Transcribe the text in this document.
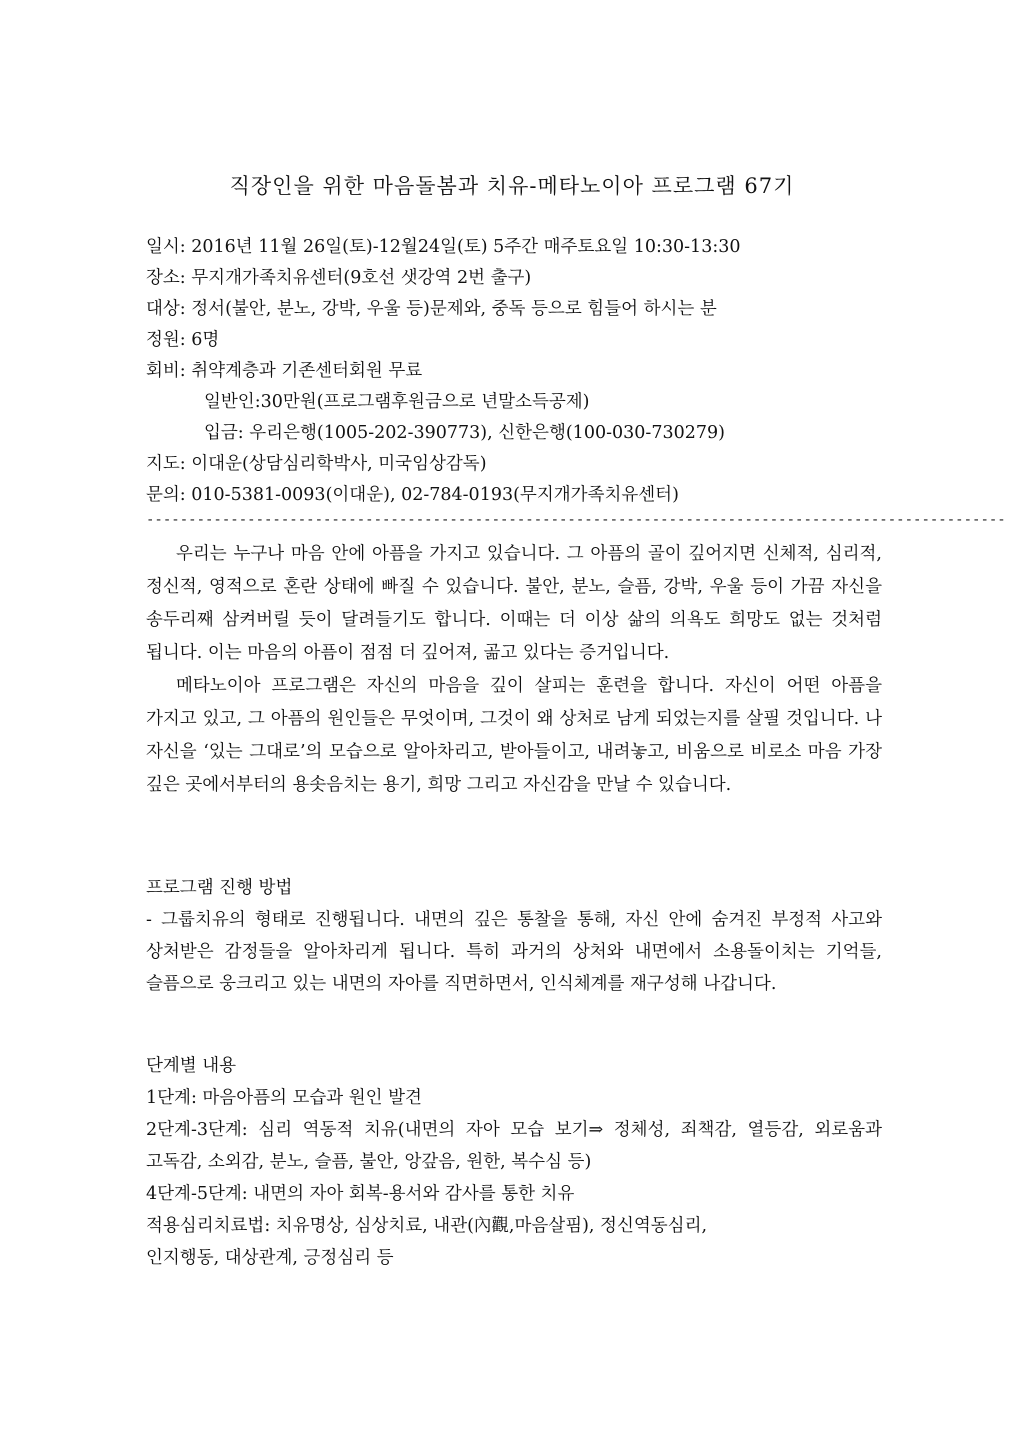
직장인을 위한 마음돌봄과 치유-메타노이아 프로그램 67기
일시: 2016년 11월 26일(토)-12월24일(토) 5주간 매주토요일 10:30-13:30
장소: 무지개가족치유센터(9호선 샛강역 2번 출구)
대상: 정서(불안, 분노, 강박, 우울 등)문제와, 중독 등으로 힘들어 하시는 분
정원: 6명
회비: 취약계층과 기존센터회원 무료
일반인:30만원(프로그램후원금으로 년말소득공제)
입금: 우리은행(1005-202-390773), 신한은행(100-030-730279)
지도: 이대운(상담심리학박사, 미국임상감독)
문의: 010-5381-0093(이대운), 02-784-0193(무지개가족치유센터)
------------------------------------------------------------------------------------------------------

우리는 누구나 마음 안에 아픔을 가지고 있습니다. 그 아픔의 골이 깊어지면 신체적, 심리적, 정신적, 영적으로 혼란 상태에 빠질 수 있습니다. 불안, 분노, 슬픔, 강박, 우울 등이 가끔 자신을 송두리째 삼켜버릴 듯이 달려들기도 합니다. 이때는 더 이상 삶의 의욕도 희망도 없는 것처럼 됩니다. 이는 마음의 아픔이 점점 더 깊어져, 곪고 있다는 증거입니다.

메타노이아 프로그램은 자신의 마음을 깊이 살피는 훈련을 합니다. 자신이 어떤 아픔을 가지고 있고, 그 아픔의 원인들은 무엇이며, 그것이 왜 상처로 남게 되었는지를 살필 것입니다. 나 자신을 ‘있는 그대로’의 모습으로 알아차리고, 받아들이고, 내려놓고, 비움으로 비로소 마음 가장 깊은 곳에서부터의 용솟음치는 용기, 희망 그리고 자신감을 만날 수 있습니다.

프로그램 진행 방법
- 그룹치유의 형태로 진행됩니다. 내면의 깊은 통찰을 통해, 자신 안에 숨겨진 부정적 사고와 상처받은 감정들을 알아차리게 됩니다. 특히 과거의 상처와 내면에서 소용돌이치는 기억들, 슬픔으로 웅크리고 있는 내면의 자아를 직면하면서, 인식체계를 재구성해 나갑니다.
단계별 내용
1단계: 마음아픔의 모습과 원인 발견
2단계-3단계: 심리 역동적 치유(내면의 자아 모습 보기⇒ 정체성, 죄책감, 열등감, 외로움과 고독감, 소외감, 분노, 슬픔, 불안, 앙갚음, 원한, 복수심 등)
4단계-5단계: 내면의 자아 회복-용서와 감사를 통한 치유
적용심리치료법: 치유명상, 심상치료, 내관(內觀,마음살핌), 정신역동심리,
인지행동, 대상관계, 긍정심리 등
